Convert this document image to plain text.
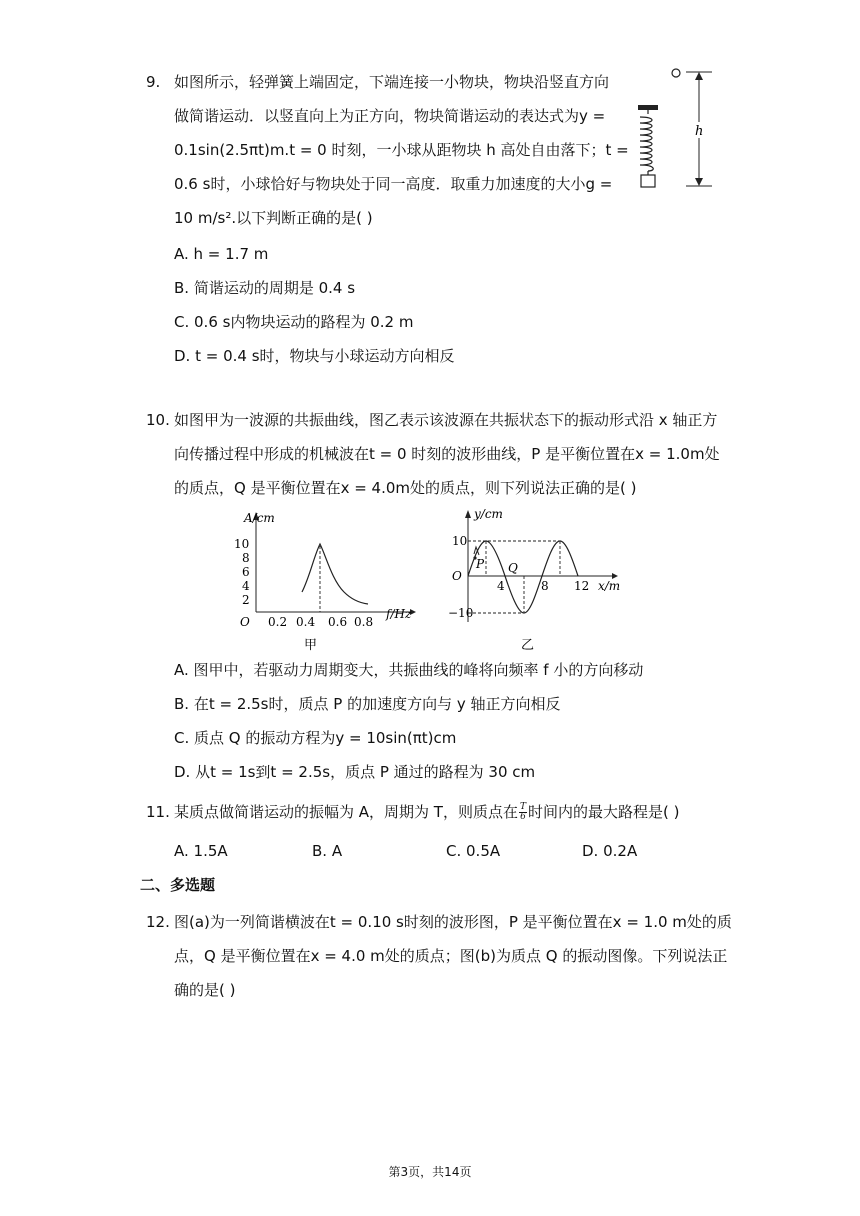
9. 如图所示，轻弹簧上端固定，下端连接一小物块，物块沿竖直方向
做简谐运动．以竖直向上为正方向，物块简谐运动的表达式为y =
0.1sin(2.5πt)m.t = 0 时刻，一小球从距物块 h 高处自由落下；t =
0.6 s时，小球恰好与物块处于同一高度．取重力加速度的大小g =
10 m/s².以下判断正确的是( )
A. h = 1.7 m
B. 简谐运动的周期是 0.4 s
C. 0.6 s内物块运动的路程为 0.2 m
D. t = 0.4 s时，物块与小球运动方向相反
h
10. 如图甲为一波源的共振曲线，图乙表示该波源在共振状态下的振动形式沿 x 轴正方
向传播过程中形成的机械波在t = 0 时刻的波形曲线，P 是平衡位置在x = 1.0m处
的质点，Q 是平衡位置在x = 4.0m处的质点，则下列说法正确的是( )
A/cm
f/Hz
O
10
8
6
4
2
0.2 0.4 0.6 0.8
甲
y/cm
x/m
O
10
−10
4	8 12
P Q
乙
A. 图甲中，若驱动力周期变大，共振曲线的峰将向频率 f 小的方向移动
B. 在t = 2.5s时，质点 P 的加速度方向与 y 轴正方向相反
C. 质点 Q 的振动方程为y = 10sin(πt)cm
D. 从t = 1s到t = 2.5s，质点 P 通过的路程为 30 cm
11. 某质点做简谐运动的振幅为 A，周期为 T，则质点在 $\frac{T}{6}$ 时间内的最大路程是( )
A. 1.5A	B. A	C. 0.5A	D. 0.2A
二、多选题
12. 图(a)为一列简谐横波在t = 0.10 s时刻的波形图，P 是平衡位置在x = 1.0 m处的质
点，Q 是平衡位置在x = 4.0 m处的质点；图(b)为质点 Q 的振动图像。下列说法正
确的是( )
第3页，共14页
